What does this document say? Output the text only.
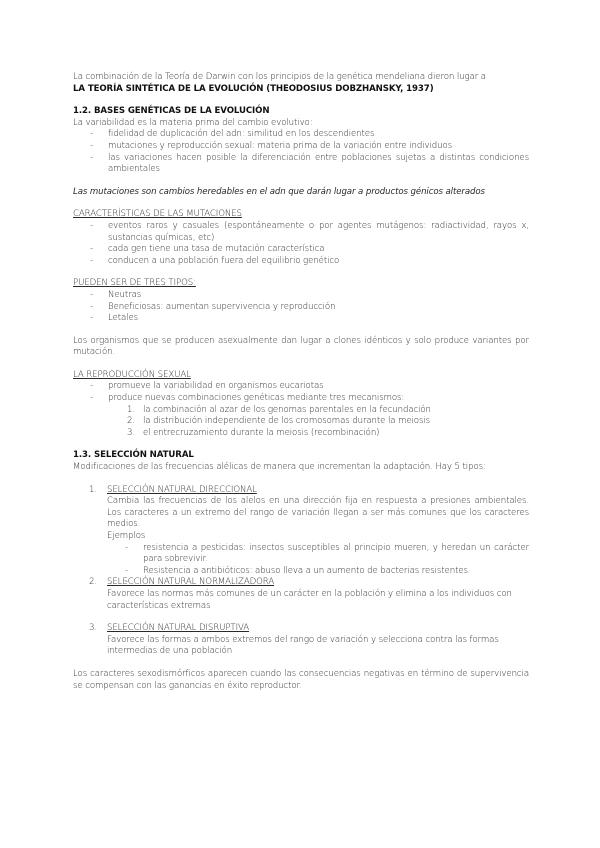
La combinación de la Teoría de Darwin con los principios de la genética mendeliana dieron lugar a

LA TEORÍA SINTÉTICA DE LA EVOLUCIÓN (THEODOSIUS DOBZHANSKY, 1937)

1.2. BASES GENÉTICAS DE LA EVOLUCIÓN

La variabilidad es la materia prima del cambio evolutivo:

- fidelidad de duplicación del adn: similitud en los descendientes
- mutaciones y reproducción sexual: materia prima de la variación entre individuos
- las variaciones hacen posible la diferenciación entre poblaciones sujetas a distintas condiciones ambientales

Las mutaciones son cambios heredables en el adn que darán lugar a productos génicos alterados

CARACTERÍSTICAS DE LAS MUTACIONES

- eventos raros y casuales (espontáneamente o por agentes mutágenos: radiactividad, rayos x, sustancias químicas, etc)
- cada gen tiene una tasa de mutación característica
- conducen a una población fuera del equilibrio genético

PUEDEN SER DE TRES TIPOS:

- Neutras
- Beneficiosas: aumentan supervivencia y reproducción
- Letales

Los organismos que se producen asexualmente dan lugar a clones idénticos y solo produce variantes por mutación.

LA REPRODUCCIÓN SEXUAL

- promueve la variabilidad en organismos eucariotas
- produce nuevas combinaciones genéticas mediante tres mecanismos:
1. la combinación al azar de los genomas parentales en la fecundación
2. la distribución independiente de los cromosomas durante la meiosis
3. el entrecruzamiento durante la meiosis (recombinación)

1.3. SELECCIÓN NATURAL

Modificaciones de las frecuencias alélicas de manera que incrementan la adaptación. Hay 5 tipos:

1. SELECCIÓN NATURAL DIRECCIONAL

Cambia las frecuencias de los alelos en una dirección fija en respuesta a presiones ambientales. Los caracteres a un extremo del rango de variación llegan a ser más comunes que los caracteres medios.

Ejemplos

- resistencia a pesticidas: insectos susceptibles al principio mueren, y heredan un carácter para sobrevivir.
- Resistencia a antibióticos: abuso lleva a un aumento de bacterias resistentes
2. SELECCIÓN NATURAL NORMALIZADORA

Favorece las normas más comunes de un carácter en la población y elimina a los individuos con características extremas

3. SELECCIÓN NATURAL DISRUPTIVA

Favorece las formas a ambos extremos del rango de variación y selecciona contra las formas intermedias de una población

Los caracteres sexodismórficos aparecen cuando las consecuencias negativas en término de supervivencia se compensan con las ganancias en éxito reproductor.
